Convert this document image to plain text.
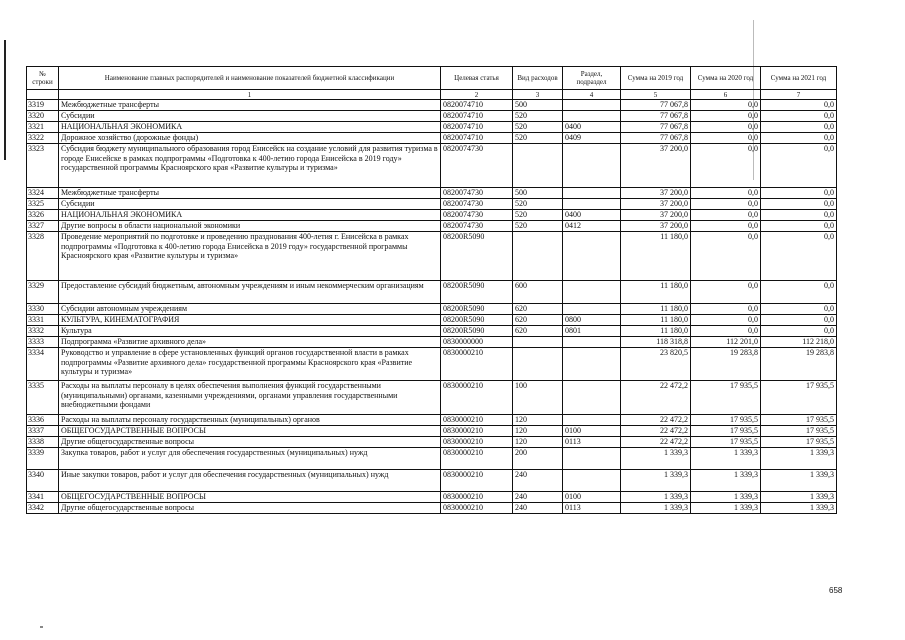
№
строки	Наименование главных распорядителей и наименование показателей бюджетной классификации	Целевая статья	Вид расходов	Раздел, подраздел	Сумма на 2019 год	Сумма на 2020 год	Сумма на 2021 год
	1	2	3	4	5	6	7
3319	Межбюджетные трансферты	0820074710	500		77 067,8	0,0	0,0
3320	Субсидии	0820074710	520		77 067,8	0,0	0,0
3321	НАЦИОНАЛЬНАЯ ЭКОНОМИКА	0820074710	520	0400	77 067,8	0,0	0,0
3322	Дорожное хозяйство (дорожные фонды)	0820074710	520	0409	77 067,8	0,0	0,0
3323	Субсидия бюджету муниципального образования город Енисейск на создание условий для развития туризма в городе Енисейске в рамках подпрограммы «Подготовка к 400-летию города Енисейска в 2019 году» государственной программы Красноярского края «Развитие культуры и туризма»	0820074730			37 200,0	0,0	0,0
3324	Межбюджетные трансферты	0820074730	500		37 200,0	0,0	0,0
3325	Субсидии	0820074730	520		37 200,0	0,0	0,0
3326	НАЦИОНАЛЬНАЯ ЭКОНОМИКА	0820074730	520	0400	37 200,0	0,0	0,0
3327	Другие вопросы в области национальной экономики	0820074730	520	0412	37 200,0	0,0	0,0
3328	Проведение мероприятий по подготовке и проведению празднования 400-летия г. Енисейска в рамках подпрограммы «Подготовка к 400-летию города Енисейска в 2019 году» государственной программы Красноярского края «Развитие культуры и туризма»	08200R5090			11 180,0	0,0	0,0
3329	Предоставление субсидий бюджетным, автономным учреждениям и иным некоммерческим организациям	08200R5090	600		11 180,0	0,0	0,0
3330	Субсидии автономным учреждениям	08200R5090	620		11 180,0	0,0	0,0
3331	КУЛЬТУРА, КИНЕМАТОГРАФИЯ	08200R5090	620	0800	11 180,0	0,0	0,0
3332	Культура	08200R5090	620	0801	11 180,0	0,0	0,0
3333	Подпрограмма «Развитие архивного дела»	0830000000			118 318,8	112 201,0	112 218,0
3334	Руководство и управление в сфере установленных функций органов государственной власти в рамках подпрограммы «Развитие архивного дела» государственной программы Красноярского края «Развитие культуры и туризма»	0830000210			23 820,5	19 283,8	19 283,8
3335	Расходы на выплаты персоналу в целях обеспечения выполнения функций государственными (муниципальными) органами, казенными учреждениями, органами управления государственными внебюджетными фондами	0830000210	100		22 472,2	17 935,5	17 935,5
3336	Расходы на выплаты персоналу государственных (муниципальных) органов	0830000210	120		22 472,2	17 935,5	17 935,5
3337	ОБЩЕГОСУДАРСТВЕННЫЕ ВОПРОСЫ	0830000210	120	0100	22 472,2	17 935,5	17 935,5
3338	Другие общегосударственные вопросы	0830000210	120	0113	22 472,2	17 935,5	17 935,5
3339	Закупка товаров, работ и услуг для обеспечения государственных (муниципальных) нужд	0830000210	200		1 339,3	1 339,3	1 339,3
3340	Иные закупки товаров, работ и услуг для обеспечения государственных (муниципальных) нужд	0830000210	240		1 339,3	1 339,3	1 339,3
3341	ОБЩЕГОСУДАРСТВЕННЫЕ ВОПРОСЫ	0830000210	240	0100	1 339,3	1 339,3	1 339,3
3342	Другие общегосударственные вопросы	0830000210	240	0113	1 339,3	1 339,3	1 339,3
658
